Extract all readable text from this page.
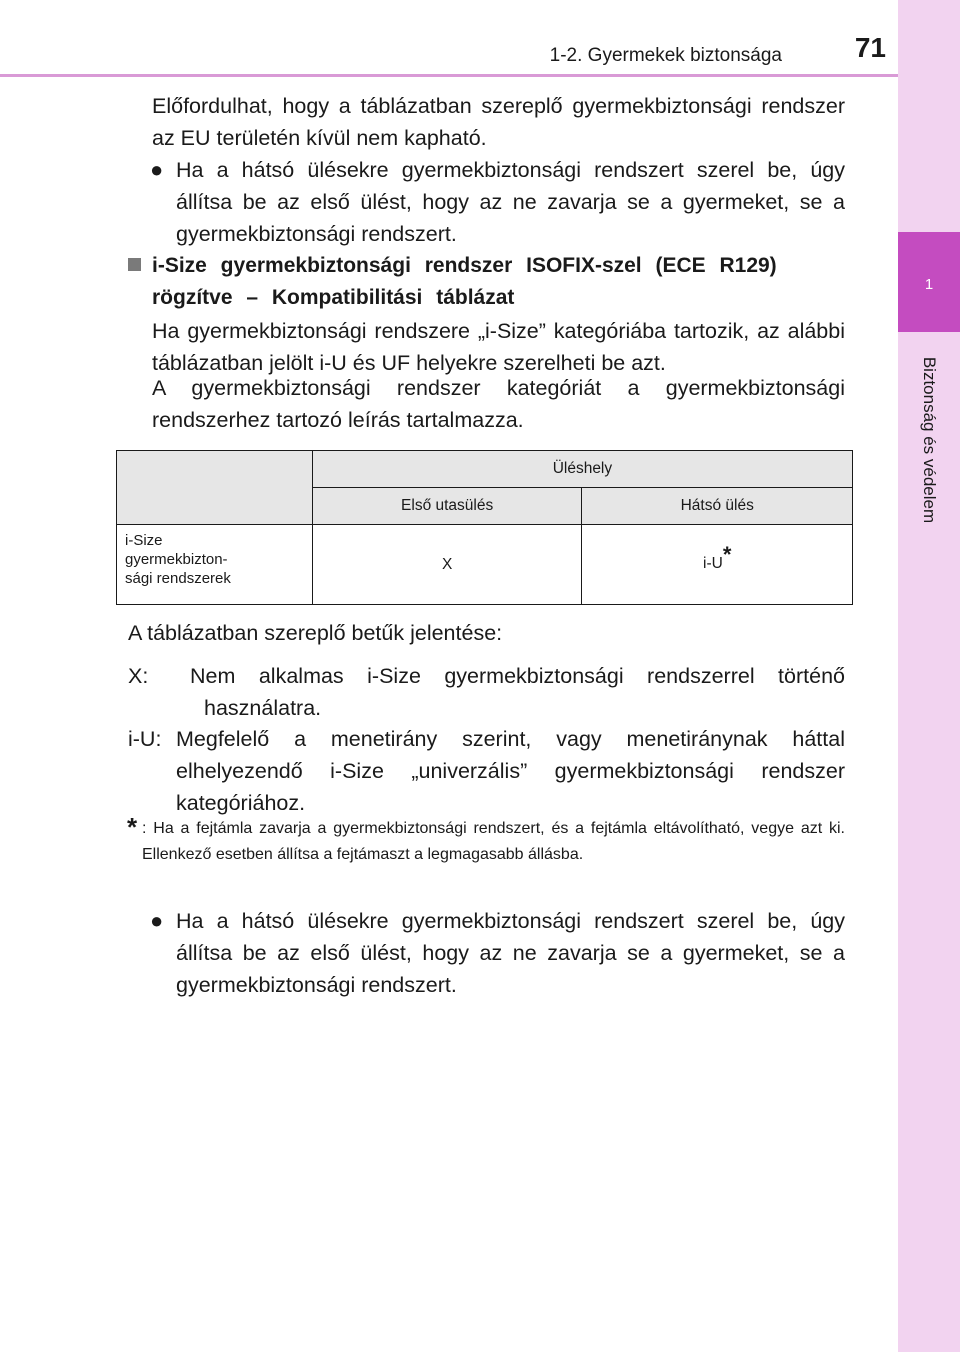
1-2. Gyermekek biztonsága	71
1
Biztonság és védelem

Előfordulhat, hogy a táblázatban szereplő gyermekbiztonsági rendszer az EU területén kívül nem kapható.

● Ha a hátsó ülésekre gyermekbiztonsági rendszert szerel be, úgy állítsa be az első ülést, hogy az ne zavarja se a gyermeket, se a gyermekbiztonsági rendszert.

i-Size gyermekbiztonsági rendszer ISOFIX-szel (ECE R129) rögzítve – Kompatibilitási táblázat

Ha gyermekbiztonsági rendszere „i-Size” kategóriába tartozik, az alábbi táblázatban jelölt i-U és UF helyekre szerelheti be azt.

A gyermekbiztonsági rendszer kategóriát a gyermekbiztonsági rendszerhez tartozó leírás tartalmazza.

	Üléshely	
	Első utasülés	Hátsó ülés

i-Size
gyermekbizton-
sági rendszerek	X	i-U*

A táblázatban szereplő betűk jelentése:

X: Nem alkalmas i-Size gyermekbiztonsági rendszerrel történő használatra.

i-U: Megfelelő a menetirány szerint, vagy menetiránynak háttal elhelyezendő i-Size „univerzális” gyermekbiztonsági rendszer kategóriához.

* : Ha a fejtámla zavarja a gyermekbiztonsági rendszert, és a fejtámla eltávolítható, vegye azt ki. Ellenkező esetben állítsa a fejtámaszt a legmagasabb állásba.

● Ha a hátsó ülésekre gyermekbiztonsági rendszert szerel be, úgy állítsa be az első ülést, hogy az ne zavarja se a gyermeket, se a gyermekbiztonsági rendszert.
